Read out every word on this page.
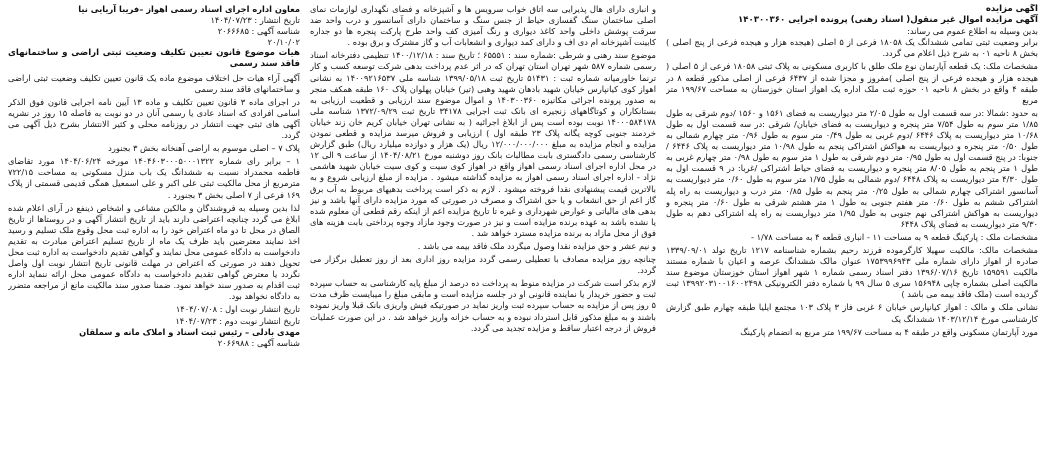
آگهی مزایده
آگهی مزایده اموال غیر منقول( اسناد رهنی) پرونده اجرایی ۱۴۰۳۰۰۳۶۰
بدین وسیله به اطلاع عموم می رساند:
برابر وضعیت ثبتی تمامی ششدانگ یک ۱۸۰۵۸ فرعی از ۵ اصلی (هیجده هزار و هیجده فرعی از پنج اصلی ) بخش ۸ ناحیه ۰۱ به شرح ذیل اعلام می گردد.
مشخصات ملک: یک قطعه آپارتمان نوع ملک طلق با کاربری مسکونی به پلاک ثبتی ۱۸۰۵۸ فرعی از ۵ اصلی ( هیجده هزار و هیجده فرعی از پنج اصلی )مفروز و مجزا شده از ۶۴۳۷ فرعی از اصلی مذکور قطعه ۸ در طبقه ۴ واقع در بخش ۸ ناحیه ۰۱ حوزه ثبت ملک اداره یک اهواز استان خوزستان به مساحت ۱۹۹/۶۷ متر مربع
به حدود :شمالا :در سه قسمت اول به طول ۲/۰۵ متر دیواریست به فضای ۱۵۶۱ و ۱۵۶۰ /دوم شرقی به طول ۱/۸۵ متر سوم به طول ۷/۵۴ متر پنجره و دیواریست به فضای خیابان/ شرقی :در سه قسمت اول به طول ۱۰/۶۸ متر دیواریست به پلاک ۶۴۴۶ /دوم غربی به طول ۰/۴۹ متر سوم به طول ۰/۹۶ متر چهارم شمالی به طول ۰/۵۰ متر پنجره و دیواریست به هواکش اشتراکی پنجم به طول ۱۰/۹۸ متر دیواریست به پلاک ۶۴۴۶ /جنوبا: در پنج قسمت اول به طول ۰/۹۵ متر دوم شرقی به طول ۱ متر سوم به طول ۰/۹۸ متر چهارم غربی به طول ۱ متر پنجم به طول ۸/۰۵ متر پنجره و دیواریست به فضای حیاط اشتراکی /غربا: در ۹ قسمت اول به طول ۴/۳۰ متر دیواریست به پلاک ۶۴۴۸ /دوم شمالی به طول ۱/۷۵ متر سوم به طول ۰/۶۰ متر دیواریست به آسانسور اشتراکی چهارم شمالی به طول ۰/۲۵ متر پنجم به طول ۰/۸۵ متر درب و دیواریست به راه پله اشتراکی ششم به طول ۰/۶۰ متر هفتم جنوبی به طول ۱ متر هشتم شرقی به طول ۰/۶۰ متر پنجره و دیواریست به هواکش اشتراکی نهم جنوبی به طول ۱/۹۵ متر دیواریست به راه پله اشتراکی دهم به طول ۹/۳۰ متر دیواریست به فضای پلاک ۶۴۴۸
مشخصات ملک : پارکینگ قطعه ۹ به مساحت ۱۱ - انباری قطعه ۴ به مساحت ۱/۷۸ -
مشخصات مالک: مالکیت سهیلا کارگرموده فرزند رحیم بشماره شناسنامه ۱۲۱۷ تاریخ تولد ۱۳۳۹/۰۹/۰۱ صادره از اهواز دارای شماره ملی ۱۷۵۳۹۹۶۹۴۳ عنوان مالک ششدانگ عرصه و اعیان با شماره مستند مالکیت ۱۵۹۵۹۱ تاریخ ۱۳۹۶/۰۷/۱۶ دفتر اسناد رسمی شماره ۱ شهر اهواز استان خوزستان موضوع سند مالکیت اصلی بشماره چاپی ۱۵۶۹۴۸ سری ۵ سال ۹۹ با شماره دفتر الکترونیکی ۱۳۹۹۲۰۳۱۰۰۱۶۰۰۲۴۹۸ ثبت گردیده است (ملک فاقد بیمه می باشد )
نشانی ملک و مالک : اهواز کیانپارس خیابان ۶ غربی فاز ۳ پلاک ۱۰۳ مجتمع ایلیا طبقه چهارم طبق گزارش کارشناسی مورخ ۱۴۰۳/۱۲/۱۴ ششدانگ یک
مورد آپارتمان مسکونی واقع در طبقه ۴ به مساحت ۱۹۹/۶۷ متر مربع به انضمام پارکینگ
و انباری دارای هال پذیرایی سه اتاق خواب سرویس ها و آشپزخانه و فضای نگهداری لوازمات نمای اصلی ساختمان سنگ گفسازی حیاط از جنس سنگ و ساختمان دارای آسانسور و درب واحد ضد سرقت پوشش داخلی واحد کاغذ دیواری و رنگ آمیزی کف واحد طرح پارکت پنجره ها دو جداره کابینت آشپزخانه ام دی اف و دارای کمد دیواری و انشعابات آب و گاز مشترک و برق بوده .
موضوع سند رهنی و شرطی :شماره سند : ۶۵۵۵۱ ؛ تاریخ سند : ۱۴۰۰/۱۲/۱۸ تنظیمی دفترخانه اسناد رسمی شماره ۵۸۷ شهر تهران استان تهران که در اثر عدم پرداخت بدهی شرکت توسعه کسب و کار ترنما خاورمیانه شماره ثبت : ۵۱۴۳۱ تاریخ ثبت ۱۳۹۹/۰۵/۱۸ شناسه ملی ۱۴۰۰۹۲۱۶۵۳۷ به نشانی اهواز کوی کیانپارس خیابان شهید بادهان شهید وهبی (تیر) خیابان پهلوان پلاک ۱۶۰ طبقه همکف منجر به صدور پرونده اجرائی مکانیزه ۱۴۰۳۰۰۳۶۰ و اموال موضوع سند ارزیابی و قطعیت ارزیابی به بستانکاران و کوتاگاههای زنجیره ای بانک ثبت اجرایی ۳۴۱۷۸ تاریخ ثبت ۱۳۷۲/۰۹/۲۹ شناسه ملی ۱۴۰۰۰۵۸۴۱۷۸ نوبت بوده است پس از ابلاغ اجرائیه ( به نشانی تهران خیابان کریم خان زند خیابان خردمند جنوبی کوچه یگانه پلاک ۲۳ طبقه اول ) ارزیابی و فروش میرسد مزایده و قطعی نمودن مزایده و انجام مزایده به مبلغ ۱۲/۰۰۰/۰۰۰/۰۰۰ ریال (یک هزار و دوازده میلیارد ریال) طبق گزارش کارشناسی رسمی دادگستری بابت مطالبات بانک روز دوشنبه مورخ ۱۴۰۴/۰۸/۲۱ از ساعت ۹ الی ۱۲ در محل اداره اجرای اسناد رسمی اهواز واقع در اهواز کوی سیت و کوی سیت خیابان شهید هاشمی نژاد - اداره اجرای اسناد رسمی اهواز به مزایده گذاشته میشود . مزایده از مبلغ ارزیابی شروع و به بالاترین قیمت پیشنهادی نقدا فروخته میشود . لازم به ذکر است پرداخت بدهیهای مربوط به آب برق گاز اعم از حق انشعاب و یا حق اشتراک و مصرف در صورتی که مورد مزایده دارای آنها باشد و نیز بدهی های مالیاتی و عوارض شهرداری و غیره تا تاریخ مزایده اعم از اینکه رقم قطعی آن معلوم شده یا نشده باشد به عهده برنده مزایده است و نیز در صورت وجود مازاد وجوه پرداختی بابت هزینه های فوق از محل مازاد به برنده مزایده مسترد خواهد شد .
و نیم عشر و حق مزایده نقدا وصول میگردد ملک فاقد بیمه می باشد .
چنانچه روز مزایده مصادف با تعطیلی رسمی گردد مزایده روز اداری بعد از روز تعطیل برگزار می گردد.
لازم بذکر است شرکت در مزایده منوط به پرداخت ده درصد از مبلغ پایه کارشناسی به حساب سپرده ثبت و حضور خریدار یا نماینده قانونی او در جلسه مزایده است و مابقی مبلغ را میبایست ظرف مدت ۵ روز پس از مزایده به حساب سپرده ثبت واریز نماید در صورتیکه فیش واریزی بانک قبلا واریز نموده باشند و به مبلغ مذکور قابل استرداد نبوده و به حساب خزانه واریز خواهد شد . در این صورت عملیات فروش از درجه اعتبار ساقط و مزایده تجدید می گردد.
معاون اداره اجرای اسناد رسمی اهواز –فریبا آریایی نیا
تاریخ انتشار : ۱۴۰۴/۰۷/۲۳
شناسه آگهی : ۲۰۶۶۶۸۵
۲۰/۱۰/۰۲
هیات موضوع قانون تعیین تکلیف وضعیت ثبتی اراضی و ساختمانهای فاقد سند رسمی
آگهی آراء هیات حل اختلاف موضوع ماده یک قانون تعیین تکلیف وضعیت ثبتی اراضی و ساختمانهای فاقد سند رسمی
در اجرای ماده ۳ قانون تعیین تکلیف و ماده ۱۳ آیین نامه اجرایی قانون فوق الذکر اسامی افرادی که اسناد عادی یا رسمی آنان در دو نوبت به فاصله ۱۵ روز در نشریه آگهی های ثبتی جهت انتشار در روزنامه محلی و کثیر الانتشار بشرح ذیل آگهی می گردد.
پلاک ۷ – اصلی موسوم به اراضی آهنخانه بخش ۳ بجنورد
۱ – برابر رای شماره ۱۴۰۴۶۰۳۰۰۰۵۰۰۰۱۳۲۲ مورخه ۱۴۰۴/۰۶/۲۴ مورد تقاضای فاطمه محمدراد نسبت به ششدانگ یک باب منزل مسکونی به مساحت ۷۲۲/۱۵ مترمربع از محل مالکیت ثبتی علی اکبر و علی اسمعیل همگی قدیمی قسمتی از پلاک ۱۶۹ فرعی از ۷ اصلی بخش ۳ بجنورد .
لذا بدین وسیله به فروشندگان و مالکین مشاعی و اشخاص ذینفع در آرای اعلام شده ابلاغ می گردد چنانچه اعتراضی دارند باید از تاریخ انتشار آگهی و در روستاها از تاریخ الصاق در محل تا دو ماه اعتراض خود را به اداره ثبت محل وقوع ملک تسلیم و رسید اخذ نمایند معترضین باید ظرف یک ماه از تاریخ تسلیم اعتراض مبادرت به تقدیم دادخواست به دادگاه عمومی محل نمایند و گواهی تقدیم دادخواست به اداره ثبت محل تحویل دهند در صورتی که اعتراض در مهلت قانونی تاریخ انتشار نوبت اول واصل نگردد یا معترض گواهی تقدیم دادخواست به دادگاه عمومی محل ارائه ننماید اداره ثبت اقدام به صدور سند خواهد نمود. ضمنا صدور سند مالکیت مانع از مراجعه متضرر به دادگاه نخواهد بود.
تاریخ انتشار نوبت اول : ۱۴۰۴/۰۷/۰۸
تاریخ انتشار نوبت دوم : ۱۴۰۴/۰۷/۲۳
مهدی بادلی – رئیس ثبت اسناد و املاک مانه و سملقان
شناسه آگهی : ۲۰۶۶۹۸۸
